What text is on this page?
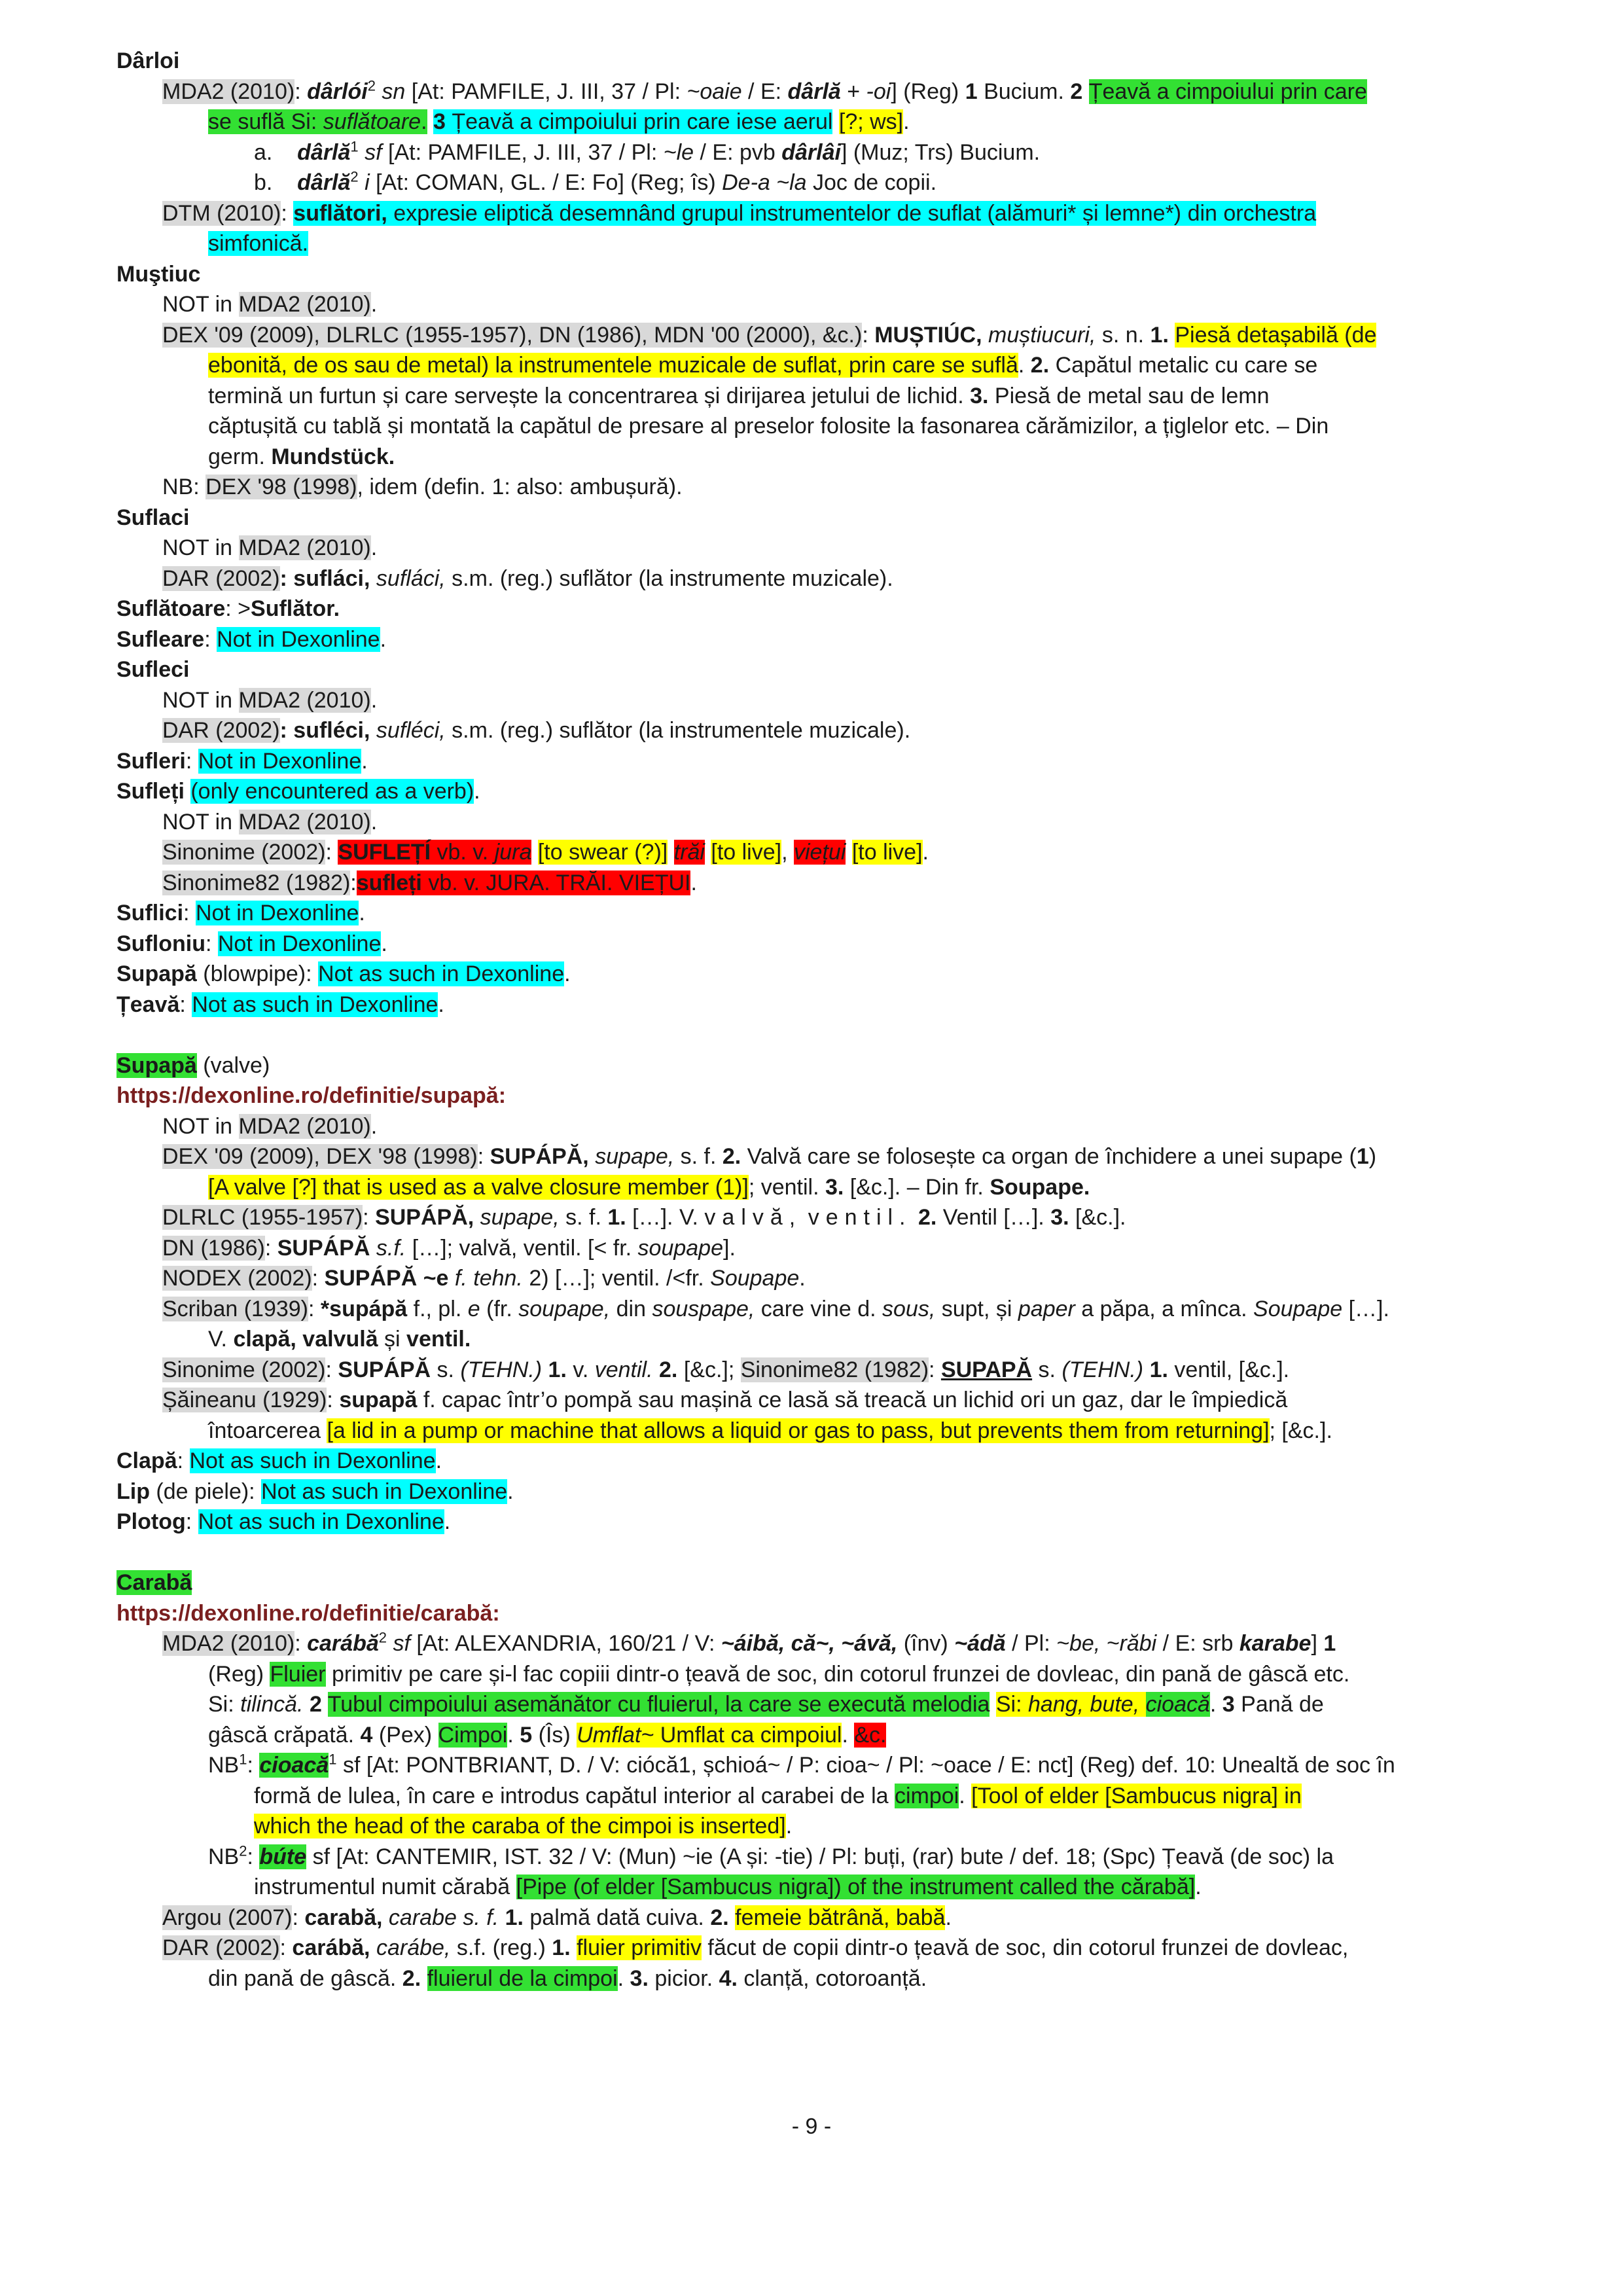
Dârloi
MDA2 (2010): dârlói$^2$ sn [At: PAMFILE, J. III, 37 / Pl: ~oaie / E: dârlă + -oi] (Reg) 1 Bucium. 2 Țeavă a cimpoiului prin care
se suflă Si: suflătoare. 3 Țeavă a cimpoiului prin care iese aerul [?; ws].
a.    dârlă$^1$ sf [At: PAMFILE, J. III, 37 / Pl: ~le / E: pvb dârlâi] (Muz; Trs) Bucium.
b.    dârlă$^2$ i [At: COMAN, GL. / E: Fo] (Reg; îs) De-a ~la Joc de copii.
DTM (2010): suflători, expresie eliptică desemnând grupul instrumentelor de suflat (alămuri* și lemne*) din orchestra
simfonică.
Muştiuc
NOT in MDA2 (2010).
DEX '09 (2009), DLRLC (1955-1957), DN (1986), MDN '00 (2000), &c.): MUȘTIÚC, muștiucuri, s. n. 1. Piesă detașabilă (de
ebonită, de os sau de metal) la instrumentele muzicale de suflat, prin care se suflă. 2. Capătul metalic cu care se
termină un furtun și care servește la concentrarea și dirijarea jetului de lichid. 3. Piesă de metal sau de lemn
căptușită cu tablă și montată la capătul de presare al preselor folosite la fasonarea cărămizilor, a țiglelor etc. – Din
germ. Mundstück.
NB: DEX '98 (1998), idem (defin. 1: also: ambușură).
Suflaci
NOT in MDA2 (2010).
DAR (2002): sufláci, sufláci, s.m. (reg.) suflător (la instrumente muzicale).
Suflătoare: >Suflător.
Sufleare: Not in Dexonline.
Sufleci
NOT in MDA2 (2010).
DAR (2002): sufléci, sufléci, s.m. (reg.) suflător (la instrumentele muzicale).
Sufleri: Not in Dexonline.
Sufleți (only encountered as a verb).
NOT in MDA2 (2010).
Sinonime (2002): SUFLEȚÍ vb. v. jura [to swear (?)] trăi [to live], viețui [to live].
Sinonime82 (1982):sufleți vb. v. JURA. TRĂI. VIEȚUI.
Suflici: Not in Dexonline.
Sufloniu: Not in Dexonline.
Supapă (blowpipe): Not as such in Dexonline.
Țeavă: Not as such in Dexonline.
Supapă (valve)
https://dexonline.ro/definitie/supapă:
NOT in MDA2 (2010).
DEX '09 (2009), DEX '98 (1998): SUPÁPĂ, supape, s. f. 2. Valvă care se folosește ca organ de închidere a unei supape (1)
[A valve [?] that is used as a valve closure member (1)]; ventil. 3. [&c.]. – Din fr. Soupape.
DLRLC (1955-1957): SUPÁPĂ, supape, s. f. 1. […]. V. valvă, ventil. 2. Ventil […]. 3. [&c.].
DN (1986): SUPÁPĂ s.f. […]; valvă, ventil. [< fr. soupape].
NODEX (2002): SUPÁPĂ ~e f. tehn. 2) […]; ventil. /<fr. Soupape.
Scriban (1939): *supápă f., pl. e (fr. soupape, din souspape, care vine d. sous, supt, și paper a păpa, a mînca. Soupape […].
V. clapă, valvulă și ventil.
Sinonime (2002): SUPÁPĂ s. (TEHN.) 1. v. ventil. 2. [&c.]; Sinonime82 (1982): SUPAPĂ s. (TEHN.) 1. ventil, [&c.].
Șăineanu (1929): supapă f. capac într’o pompă sau mașină ce lasă să treacă un lichid ori un gaz, dar le împiedică
întoarcerea [a lid in a pump or machine that allows a liquid or gas to pass, but prevents them from returning]; [&c.].
Clapă: Not as such in Dexonline.
Lip (de piele): Not as such in Dexonline.
Plotog: Not as such in Dexonline.
Carabă
https://dexonline.ro/definitie/carabă:
MDA2 (2010): carábă$^2$ sf [At: ALEXANDRIA, 160/21 / V: ~áibă, că~, ~ávă, (înv) ~ádă / Pl: ~be, ~răbi / E: srb karabe] 1
(Reg) Fluier primitiv pe care și-l fac copiii dintr-o țeavă de soc, din cotorul frunzei de dovleac, din pană de gâscă etc.
Si: tilincă. 2 Tubul cimpoiului asemănător cu fluierul, la care se execută melodia Si: hang, bute, cioacă. 3 Pană de
gâscă crăpată. 4 (Pex) Cimpoi. 5 (Îs) Umflat~ Umflat ca cimpoiul. &c.
$NB^1$: cioacă$^1$ sf [At: PONTBRIANT, D. / V: ciócă1, șchioá~ / P: cioa~ / Pl: ~oace / E: nct] (Reg) def. 10: Unealtă de soc în
formă de lulea, în care e introdus capătul interior al carabei de la cimpoi. [Tool of elder [Sambucus nigra] in
which the head of the caraba of the cimpoi is inserted].
$NB^2$: búte sf [At: CANTEMIR, IST. 32 / V: (Mun) ~ie (A și: -tie) / Pl: buți, (rar) bute / def. 18; (Spc) Țeavă (de soc) la
instrumentul numit cărabă [Pipe (of elder [Sambucus nigra]) of the instrument called the cărabă].
Argou (2007): carabă, carabe s. f. 1. palmă dată cuiva. 2. femeie bătrână, babă.
DAR (2002): carábă, carábe, s.f. (reg.) 1. fluier primitiv făcut de copii dintr-o țeavă de soc, din cotorul frunzei de dovleac,
din pană de gâscă. 2. fluierul de la cimpoi. 3. picior. 4. clanță, cotoroanță.
- 9 -
